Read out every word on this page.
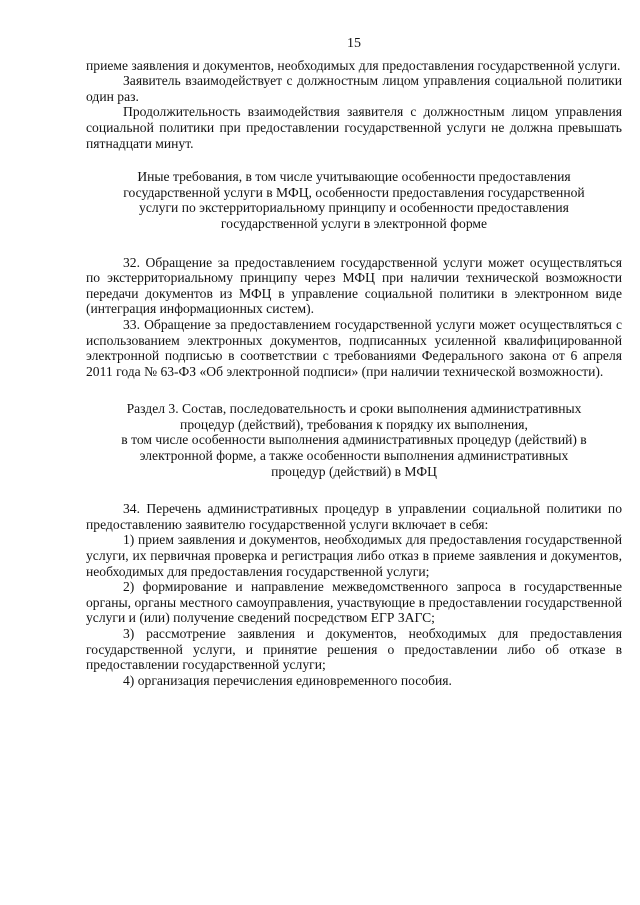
15

приеме заявления и документов, необходимых для предоставления государственной услуги.

Заявитель взаимодействует с должностным лицом управления социальной политики один раз.

Продолжительность взаимодействия заявителя с должностным лицом управления социальной политики при предоставлении государственной услуги не должна превышать пятнадцати минут.

Иные требования, в том числе учитывающие особенности предоставления
государственной услуги в МФЦ, особенности предоставления государственной
услуги по экстерриториальному принципу и особенности предоставления
государственной услуги в электронной форме

32. Обращение за предоставлением государственной услуги может осуществляться по экстерриториальному принципу через МФЦ при наличии технической возможности передачи документов из МФЦ в управление социальной политики в электронном виде (интеграция информационных систем).

33. Обращение за предоставлением государственной услуги может осуществляться с использованием электронных документов, подписанных усиленной квалифицированной электронной подписью в соответствии с требованиями Федерального закона от 6 апреля 2011 года № 63-ФЗ «Об электронной подписи» (при наличии технической возможности).

Раздел 3. Состав, последовательность и сроки выполнения административных
процедур (действий), требования к порядку их выполнения,
в том числе особенности выполнения административных процедур (действий) в
электронной форме, а также особенности выполнения административных
процедур (действий) в МФЦ

34. Перечень административных процедур в управлении социальной политики по предоставлению заявителю государственной услуги включает в себя:

1) прием заявления и документов, необходимых для предоставления государственной услуги, их первичная проверка и регистрация либо отказ в приеме заявления и документов, необходимых для предоставления государственной услуги;

2) формирование и направление межведомственного запроса в государственные органы, органы местного самоуправления, участвующие в предоставлении государственной услуги и (или) получение сведений посредством ЕГР ЗАГС;

3) рассмотрение заявления и документов, необходимых для предоставления государственной услуги, и принятие решения о предоставлении либо об отказе в предоставлении государственной услуги;

4) организация перечисления единовременного пособия.
